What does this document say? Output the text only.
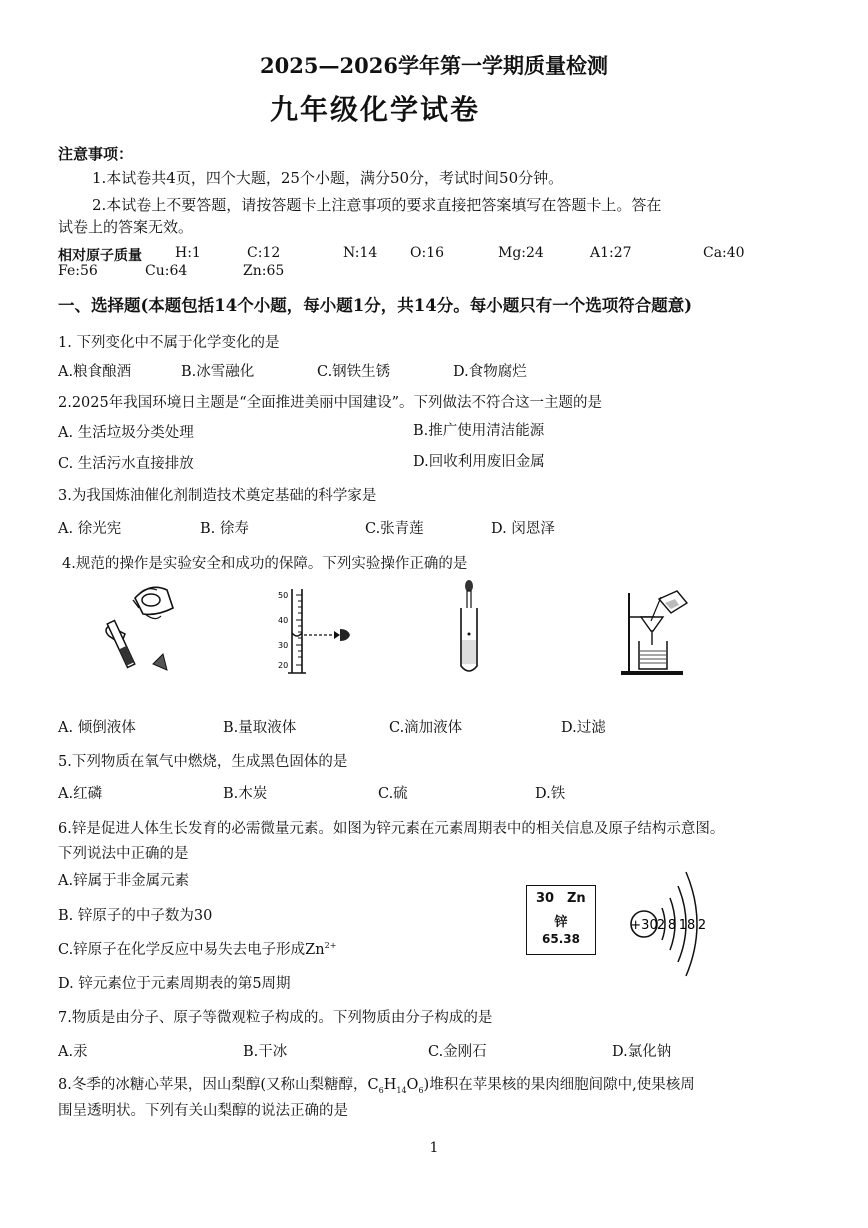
2025—2026学年第一学期质量检测
九年级化学试卷
注意事项：
1.本试卷共4页，四个大题，25个小题，满分50分，考试时间50分钟。
2.本试卷上不要答题，请按答题卡上注意事项的要求直接把答案填写在答题卡上。答在
试卷上的答案无效。
相对原子质量 H:1	C:12	N:14 O:16	Mg:24	A1:27	Ca:40
Fe:56	Cu:64	Zn:65
一、选择题(本题包括14个小题，每小题1分，共14分。每小题只有一个选项符合题意)
1. 下列变化中不属于化学变化的是
A.粮食酿酒	B.冰雪融化	C.钢铁生锈	D.食物腐烂
2.2025年我国环境日主题是“全面推进美丽中国建设”。下列做法不符合这一主题的是
A. 生活垃圾分类处理	B.推广使用清洁能源
C. 生活污水直接排放	D.回收利用废旧金属
3.为我国炼油催化剂制造技术奠定基础的科学家是
A. 徐光宪	B. 徐寿	C.张青莲	D. 闵恩泽
4.规范的操作是实验安全和成功的保障。下列实验操作正确的是
50
40
30
20
A. 倾倒液体	B.量取液体	C.滴加液体	D.过滤
5.下列物质在氧气中燃烧，生成黑色固体的是
A.红磷	B.木炭	C.硫	D.铁
6.锌是促进人体生长发育的必需微量元素。如图为锌元素在元素周期表中的相关信息及原子结构示意图。
下列说法中正确的是
A.锌属于非金属元素
B. 锌原子的中子数为30
C.锌原子在化学反应中易失去电子形成$Zn^{2+}$
D. 锌元素位于元素周期表的第5周期
30 Zn
锌
65.38
+30 2 8 18 2
7.物质是由分子、原子等微观粒子构成的。下列物质由分子构成的是
A.汞	B.干冰	C.金刚石	D.氯化钠
8.冬季的冰糖心苹果，因山梨醇(又称山梨糖醇，$C_6H_{14}O_6$)堆积在苹果核的果肉细胞间隙中,使果核周
围呈透明状。下列有关山梨醇的说法正确的是
1
